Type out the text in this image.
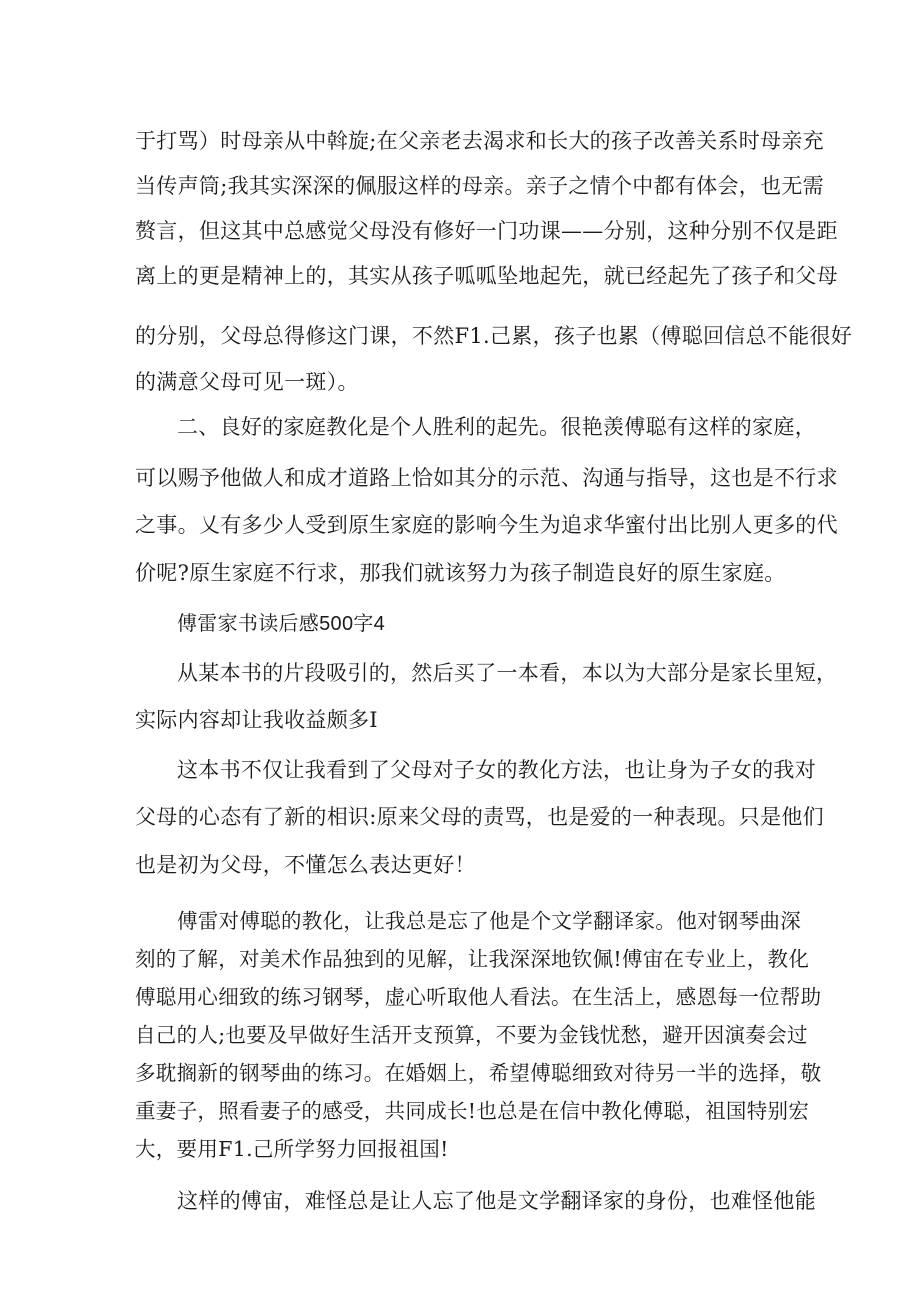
于打骂）时母亲从中斡旋;在父亲老去渴求和长大的孩子改善关系时母亲充
当传声筒;我其实深深的佩服这样的母亲。亲子之情个中都有体会，也无需
赘言，但这其中总感觉父母没有修好一门功课——分别，这种分别不仅是距
离上的更是精神上的，其实从孩子呱呱坠地起先，就已经起先了孩子和父母
的分别，父母总得修这门课，不然F1.己累，孩子也累（傅聪回信总不能很好
的满意父母可见一斑）。
二、良好的家庭教化是个人胜利的起先。很艳羡傅聪有这样的家庭，
可以赐予他做人和成才道路上恰如其分的示范、沟通与指导，这也是不行求
之事。乂有多少人受到原生家庭的影响今生为追求华蜜付出比别人更多的代
价呢?原生家庭不行求，那我们就该努力为孩子制造良好的原生家庭。
傅雷家书读后感500字4
从某本书的片段吸引的，然后买了一本看，本以为大部分是家长里短，
实际内容却让我收益颇多I
这本书不仅让我看到了父母对子女的教化方法，也让身为子女的我对
父母的心态有了新的相识:原来父母的责骂，也是爱的一种表现。只是他们
也是初为父母，不懂怎么表达更好！
傅雷对傅聪的教化，让我总是忘了他是个文学翻译家。他对钢琴曲深
刻的了解，对美术作品独到的见解，让我深深地钦佩!傅宙在专业上，教化
傅聪用心细致的练习钢琴，虚心听取他人看法。在生活上，感恩每一位帮助
自己的人;也要及早做好生活开支预算，不要为金钱忧愁，避开因演奏会过
多耽搁新的钢琴曲的练习。在婚姻上，希望傅聪细致对待另一半的选择，敬
重妻子，照看妻子的感受，共同成长!也总是在信中教化傅聪，祖国特别宏
大，要用F1.己所学努力回报祖国!
这样的傅宙，难怪总是让人忘了他是文学翻译家的身份，也难怪他能
